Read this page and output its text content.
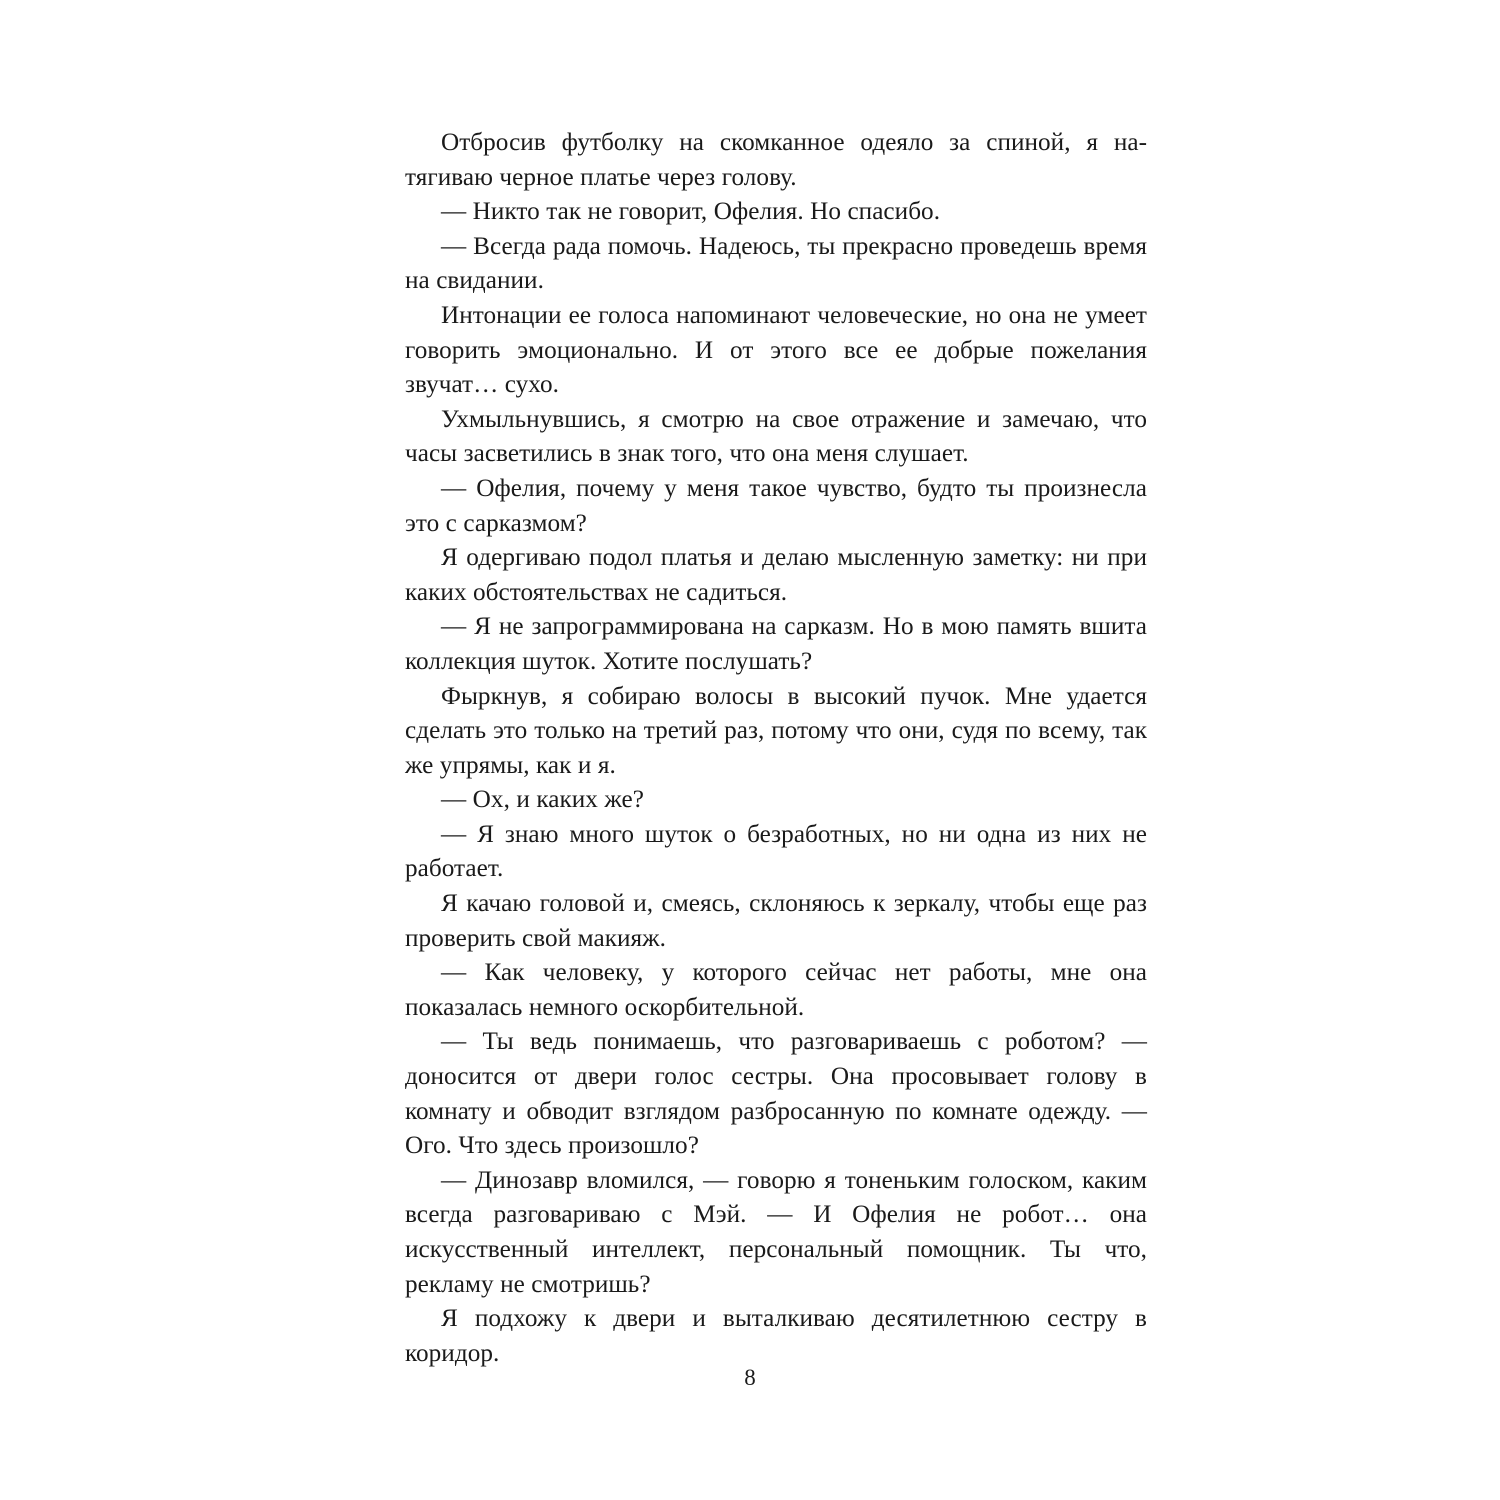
Отбросив футболку на скомканное одеяло за спиной, я натягиваю черное платье через голову.

— Никто так не говорит, Офелия. Но спасибо.

— Всегда рада помочь. Надеюсь, ты прекрасно проведешь время на свидании.

Интонации ее голоса напоминают человеческие, но она не умеет говорить эмоционально. И от этого все ее добрые пожелания звучат… сухо.

Ухмыльнувшись, я смотрю на свое отражение и замечаю, что часы засветились в знак того, что она меня слушает.

— Офелия, почему у меня такое чувство, будто ты произнесла это с сарказмом?

Я одергиваю подол платья и делаю мысленную заметку: ни при каких обстоятельствах не садиться.

— Я не запрограммирована на сарказм. Но в мою память вшита коллекция шуток. Хотите послушать?

Фыркнув, я собираю волосы в высокий пучок. Мне удается сделать это только на третий раз, потому что они, судя по всему, так же упрямы, как и я.

— Ох, и каких же?

— Я знаю много шуток о безработных, но ни одна из них не работает.

Я качаю головой и, смеясь, склоняюсь к зеркалу, чтобы еще раз проверить свой макияж.

— Как человеку, у которого сейчас нет работы, мне она показалась немного оскорбительной.

— Ты ведь понимаешь, что разговариваешь с роботом? — доносится от двери голос сестры. Она просовывает голову в комнату и обводит взглядом разбросанную по комнате одежду. — Ого. Что здесь произошло?

— Динозавр вломился, — говорю я тоненьким голоском, каким всегда разговариваю с Мэй. — И Офелия не робот… она искусственный интеллект, персональный помощник. Ты что, рекламу не смотришь?

Я подхожу к двери и выталкиваю десятилетнюю сестру в коридор.

8
